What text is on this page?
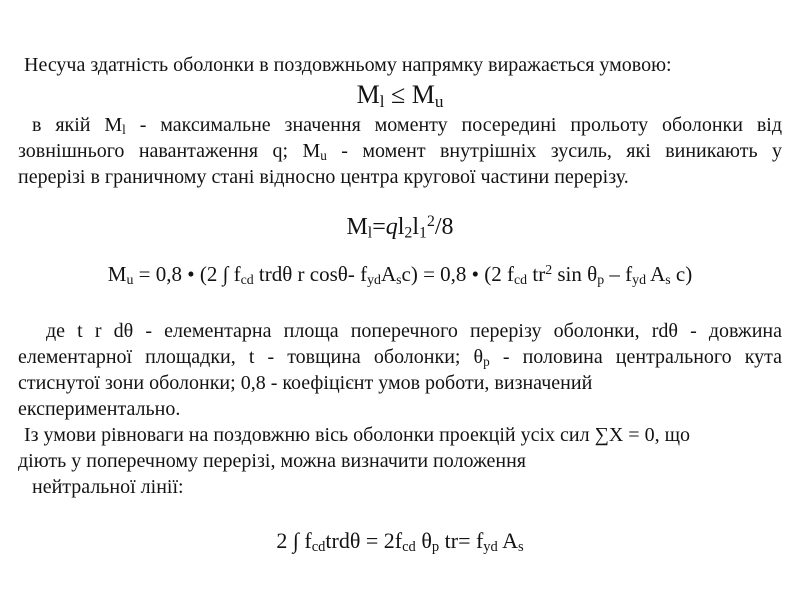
Несуча здатність оболонки в поздовжньому напрямку виражається умовою:
$M_l \le M_u$
в якій $M_l$ - максимальне значення моменту посередині прольоту оболонки від
зовнішнього навантаження q; $M_u$ - момент внутрішніх зусиль, які виникають у
перерізі в граничному стані відносно центра кругової частини перерізу.
$M_l=ql_2l_1^2/8$
$M_u = 0,8$ • (2 ∫ $f_{cd}$ trdθ r cosθ- $f_{yd}A_sc) = 0,8$ • (2 $f_{cd}$ $tr^2$ $\sin \theta_p - f_{yd}$ $A_s$ c)
де t r dθ - елементарна площа поперечного перерізу оболонки, rdθ - довжина
елементарної площадки, t - товщина оболонки; $\theta_p$ - половина центрального кута
стиснутої зони оболонки; 0,8 - коефіцієнт умов роботи, визначений
експериментально.
Із умови рівноваги на поздовжню вісь оболонки проекцій усіх сил ∑X = 0, що
діють у поперечному перерізі, можна визначити положення
нейтральної лінії:
2 ∫ $f_{cd}trd\theta = 2f_{cd}$ $\theta_p$ $tr= f_{yd}$ $A_s$
